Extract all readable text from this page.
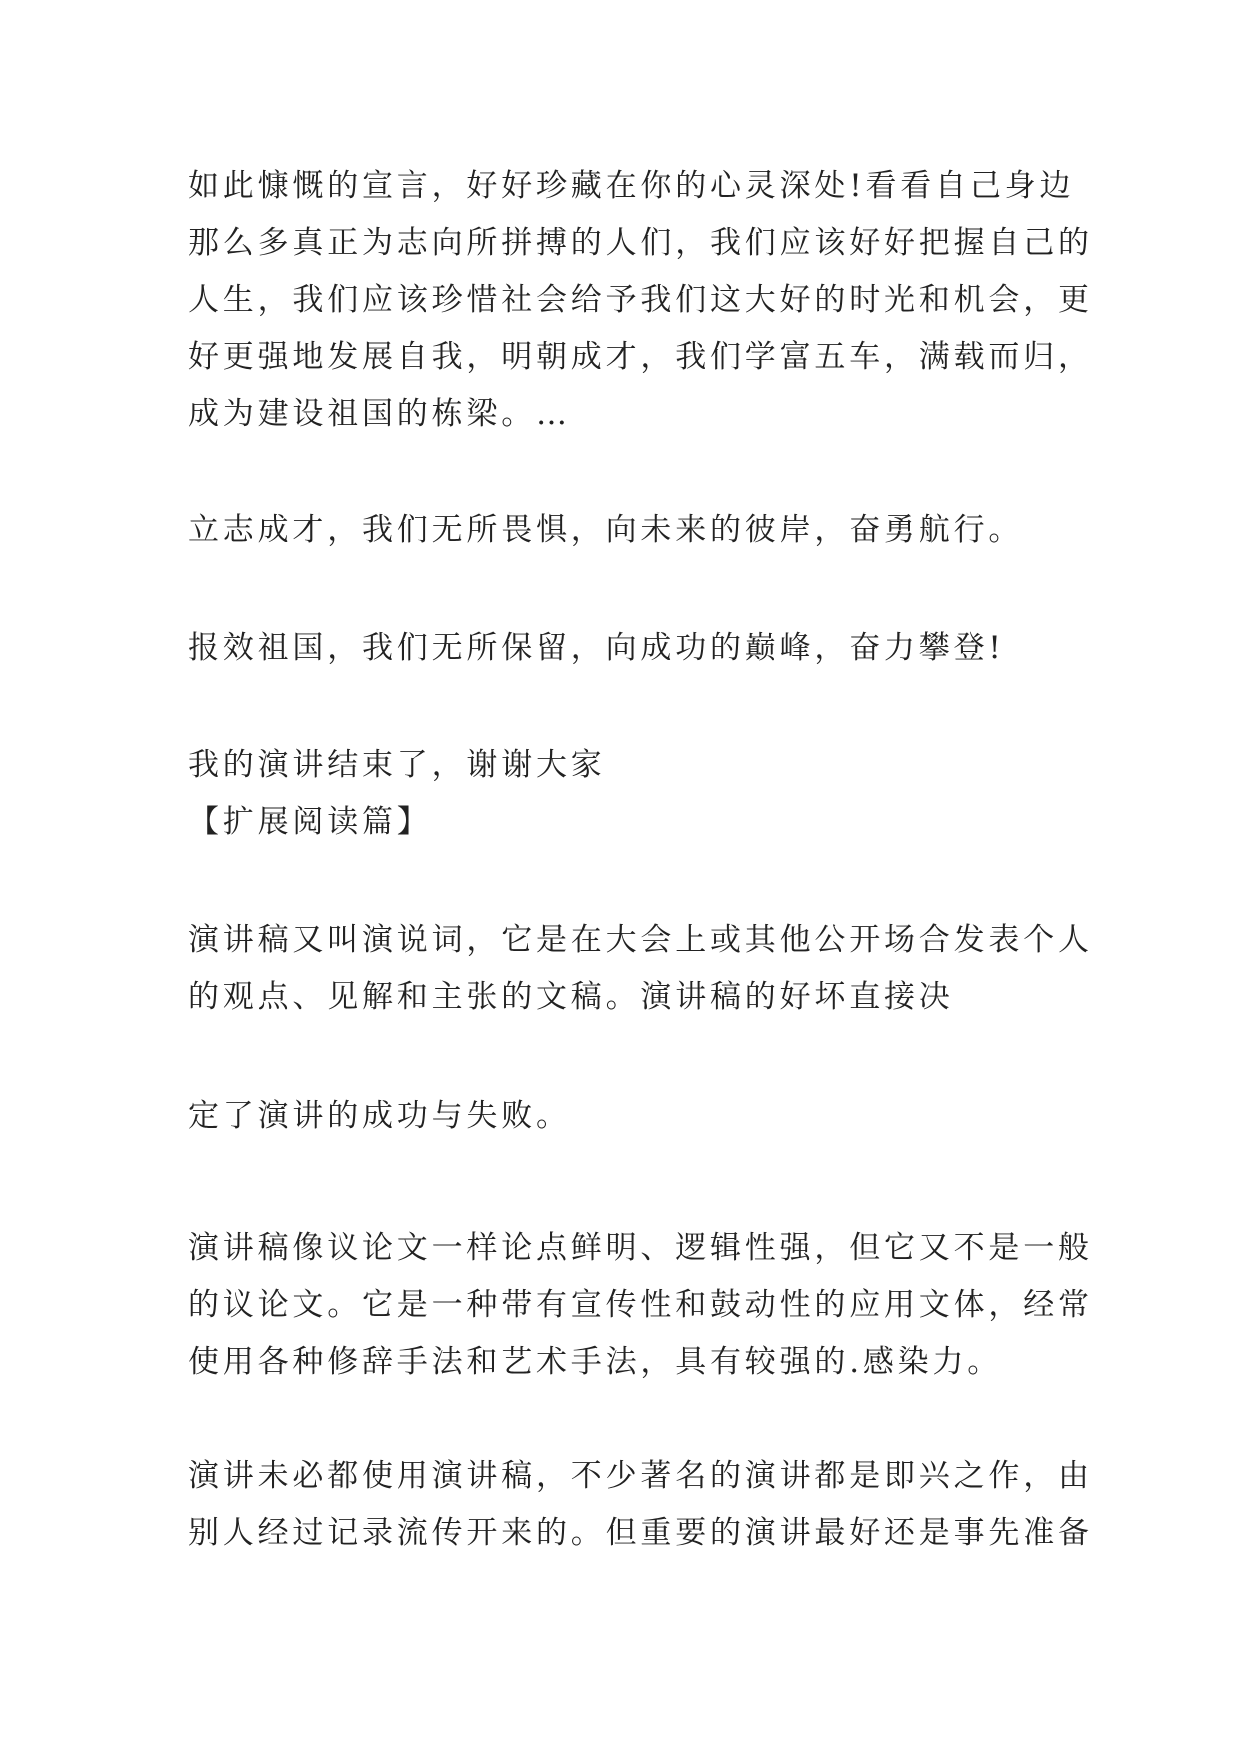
如此慷慨的宣言，好好珍藏在你的心灵深处!看看自己身边
那么多真正为志向所拼搏的人们，我们应该好好把握自己的
人生，我们应该珍惜社会给予我们这大好的时光和机会，更
好更强地发展自我，明朝成才，我们学富五车，满载而归，
成为建设祖国的栋梁。…
立志成才，我们无所畏惧，向未来的彼岸，奋勇航行。
报效祖国，我们无所保留，向成功的巅峰，奋力攀登!
我的演讲结束了，谢谢大家
【扩展阅读篇】
演讲稿又叫演说词，它是在大会上或其他公开场合发表个人
的观点、见解和主张的文稿。演讲稿的好坏直接决
定了演讲的成功与失败。
演讲稿像议论文一样论点鲜明、逻辑性强，但它又不是一般
的议论文。它是一种带有宣传性和鼓动性的应用文体，经常
使用各种修辞手法和艺术手法，具有较强的.感染力。
演讲未必都使用演讲稿，不少著名的演讲都是即兴之作，由
别人经过记录流传开来的。但重要的演讲最好还是事先准备
